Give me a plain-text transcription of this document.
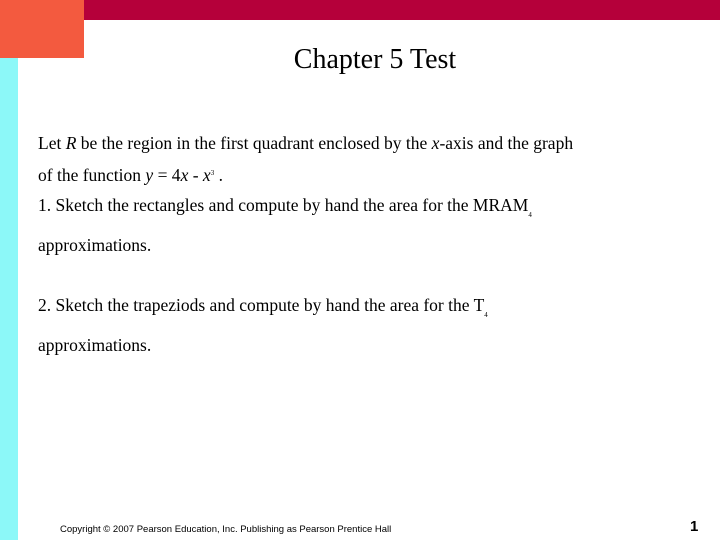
Chapter 5 Test
Let R be the region in the first quadrant enclosed by the x-axis and the graph
of the function $y = 4x - x^3$ .
1. Sketch the rectangles and compute by hand the area for the $MRAM_4$
approximations.
2. Sketch the trapeziods and compute by hand the area for the $T_4$
approximations.
Copyright © 2007 Pearson Education, Inc. Publishing as Pearson Prentice Hall	1
